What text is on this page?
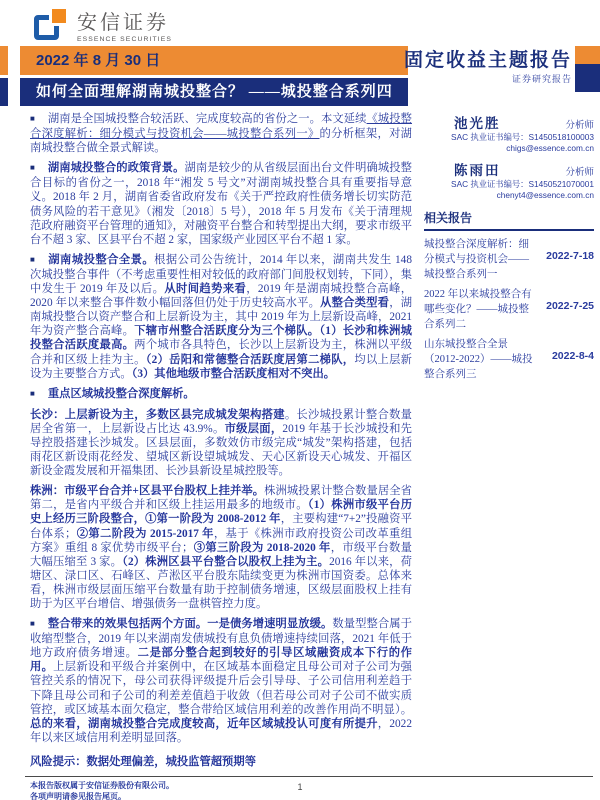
安信证券
ESSENCE SECURITIES
2022 年 8 月 30 日
如何全面理解湖南城投整合？ ——城投整合系列四
固定收益主题报告
证券研究报告

■ 湖南是全国城投整合较活跃、完成度较高的省份之一。本文延续《城投整合深度解析：细分模式与投资机会——城投整合系列一》的分析框架，对湖南城投整合做全景式解读。

■ 湖南城投整合的政策背景。湖南是较少的从省级层面出台文件明确城投整合目标的省份之一，2018 年“湘发 5 号文”对湖南城投整合具有重要指导意义。2018 年 2 月，湖南省委省政府发布《关于严控政府性债务增长切实防范债务风险的若干意见》（湘发〔2018〕5 号），2018 年 5 月发布《关于清理规范政府融资平台管理的通知》，对融资平台整合和转型提出大纲，要求市级平台不超 3 家、区县平台不超 2 家，国家级产业园区平台不超 1 家。

■ 湖南城投整合全景。根据公司公告统计，2014 年以来，湖南共发生 148 次城投整合事件（不考虑重要性相对较低的政府部门间股权划转，下同），集中发生于 2019 年及以后。从时间趋势来看，2019 年是湖南城投整合高峰，2020 年以来整合事件数小幅回落但仍处于历史较高水平。从整合类型看，湖南城投整合以资产整合和上层新设为主，其中 2019 年为上层新设高峰，2021 年为资产整合高峰。下辖市州整合活跃度分为三个梯队。（1）长沙和株洲城投整合活跃度最高。两个城市各具特色，长沙以上层新设为主，株洲以平级合并和区级上挂为主。（2）岳阳和常德整合活跃度居第二梯队，均以上层新设为主要整合方式。（3）其他地级市整合活跃度相对不突出。

■ 重点区域城投整合深度解析。

长沙：上层新设为主，多数区县完成城发架构搭建。长沙城投累计整合数量居全省第一，上层新设占比达 43.9%。市级层面，2019 年基于长沙城投和先导控股搭建长沙城发。区县层面，多数效仿市级完成“城发”架构搭建，包括雨花区新设雨花经发、望城区新设望城城发、天心区新设天心城发、开福区新设金霞发展和开福集团、长沙县新设星城控股等。

株洲：市级平台合并+区县平台股权上挂并举。株洲城投累计整合数量居全省第二，是省内平级合并和区级上挂运用最多的地级市。（1）株洲市级平台历史上经历三阶段整合，①第一阶段为 2008-2012 年，主要构建“7+2”投融资平台体系；②第二阶段为 2015-2017 年，基于《株洲市政府投资公司改革重组方案》重组 8 家优势市级平台；③第三阶段为 2018-2020 年，市级平台数量大幅压缩至 3 家。（2）株洲区县平台整合以股权上挂为主。2016 年以来，荷塘区、渌口区、石峰区、芦淞区平台股东陆续变更为株洲市国资委。总体来看，株洲市级层面压缩平台数量有助于控制债务增速，区级层面股权上挂有助于为区平台增信、增强债务一盘棋管控力度。

■ 整合带来的效果包括两个方面。一是债务增速明显放缓。数量型整合属于收缩型整合，2019 年以来湖南发债城投有息负债增速持续回落，2021 年低于地方政府债务增速。二是部分整合起到较好的引导区域融资成本下行的作用。上层新设和平级合并案例中，在区域基本面稳定且母公司对子公司为强管控关系的情况下，母公司获得评级提升后会引导母、子公司信用利差趋于下降且母公司和子公司的利差差值趋于收敛（但若母公司对子公司不做实质管控，或区域基本面欠稳定，整合带给区域信用利差的改善作用尚不明显）。总的来看，湖南城投整合完成度较高，近年区域城投认可度有所提升，2022 年以来区域信用利差明显回落。

风险提示：数据处理偏差，城投监管超预期等

池光胜	分析师
SAC 执业证书编号：S1450518100003
chigs@essence.com.cn
陈雨田	分析师
SAC 执业证书编号：S1450521070001
chenyt4@essence.com.cn
相关报告
城投整合深度解析：细分模式与投资机会——城投整合系列一
2022-7-18
2022 年以来城投整合有哪些变化？——城投整合系列二
2022-7-25
山东城投整合全景（2012-2022）——城投整合系列三
2022-8-4
本报告版权属于安信证券股份有限公司。
各项声明请参见报告尾页。
1
